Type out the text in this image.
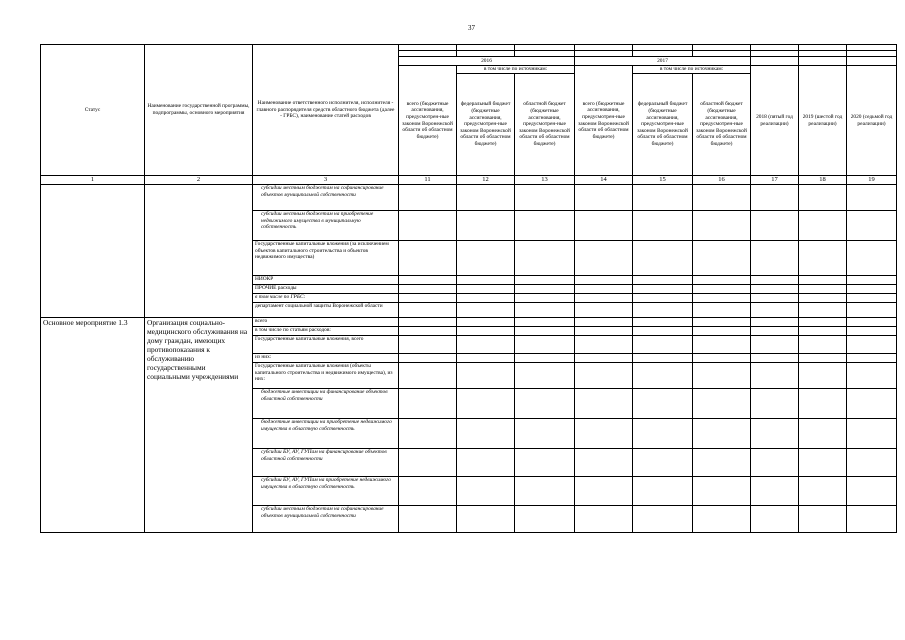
37
Статус	Наименование государственной программы, подпрограммы, основного мероприятия	Наименование ответственного исполнителя, исполнителя - главного распорядителя средств областного бюджета (далее - ГРБС), наименование статей расходов									

			2016			2017					
			всего (бюджетные ассигнования, предусмотрен-ные законом Воронежской области об областном бюджете)	в том числе по источникам:		всего (бюджетные ассигнования, предусмотрен-ные законом Воронежской области об областном бюджете)	в том числе по источникам:		2018 (пятый год реализации)	2019 (шестой год реализации)	2020 (седьмой год реализации)
				федеральный бюджет (бюджетные ассигнования, предусмотрен-ные законом Воронежской области об областном бюджете)	областной бюджет (бюджетные ассигнования, предусмотрен-ные законом Воронежской области об областном бюджете)		федеральный бюджет (бюджетные ассигнования, предусмотрен-ные законом Воронежской области об областном бюджете)	областной бюджет (бюджетные ассигнования, предусмотрен-ные законом Воронежской области об областном бюджете)			
1	2	3	11	12	13	14	15	16	17	18	19
		субсидии местным бюджетам на софинансирование объектов муниципальной собственности									
		субсидии местным бюджетам на приобретение недвижимого имущества в муниципальную собственность									
		Государственные капитальные вложения (за исключением объектов капитального строительства и объектов недвижимого имущества)									
		НИОКР									
		ПРОЧИЕ расходы									
		в том числе по ГРБС:									
		департамент социальной защиты Воронежской области									
Основное мероприятие 1.3	Организация социально-медицинского обслуживания на дому граждан, имеющих противопоказания к обслуживанию государственными социальными учреждениями	всего									
		в том числе по статьям расходов:									
		Государственные капитальные вложения, всего									
		из них:									
		Государственные капитальные вложения (объекты капитального строительства и недвижимого имущества), из них:									
		бюджетные инвестиции на финансирование объектов областной собственности									
		бюджетные инвестиции на приобретение недвижимого имущества в областную собственность									
		субсидии БУ, АУ, ГУПам на финансирование объектов областной собственности									
		субсидии БУ, АУ, ГУПам на приобретение недвижимого имущества в областную собственность									
		субсидии местным бюджетам на софинансирование объектов муниципальной собственности									
